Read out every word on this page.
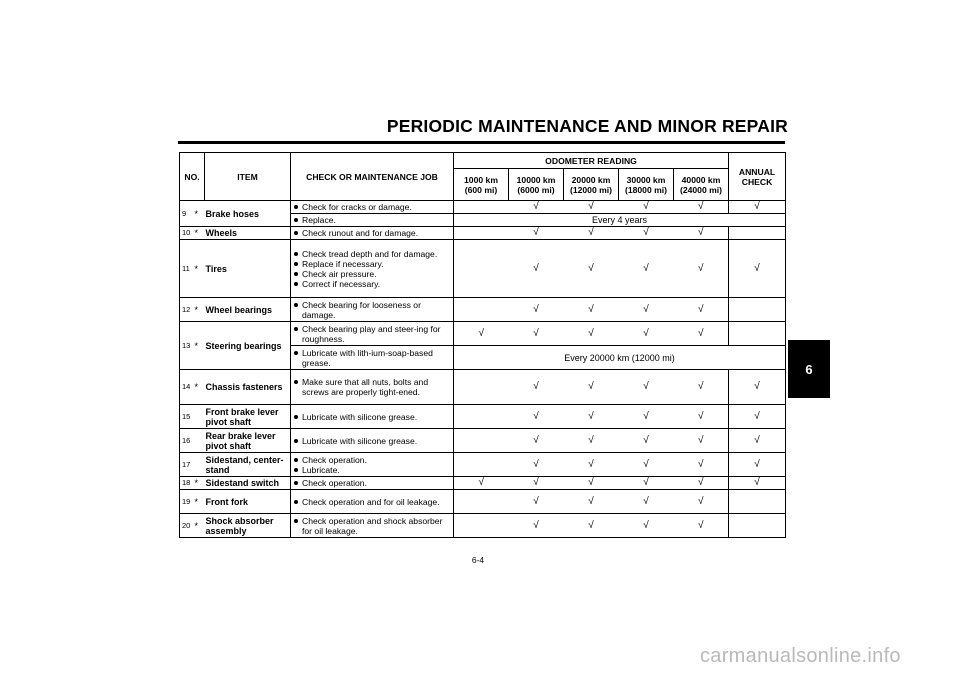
PERIODIC MAINTENANCE AND MINOR REPAIR
6
NO.		ITEM	CHECK OR MAINTENANCE JOB	ODOMETER READING					ANNUAL CHECK
				1000 km
(600 mi)	10000 km
(6000 mi)	20000 km
(12000 mi)	30000 km
(18000 mi)	40000 km
(24000 mi)	
9	*	Brake hoses	Check for cracks or damage.		√	√	√	√	√

			Replace.	Every 4 years					
10	*	Wheels	Check runout and for damage.		√	√	√	√	
11	*	Tires	Check tread depth and for damage.
Replace if necessary.
Check air pressure.
Correct if necessary.		√	√	√	√	√
12	*	Wheel bearings	Check bearing for looseness or damage.		√	√	√	√	
13	*	Steering bearings	Check bearing play and steer-ing for roughness.	√	√	√	√	√	

			Lubricate with lith-ium-soap-based grease.	Every 20000 km (12000 mi)					
14	*	Chassis fasteners	Make sure that all nuts, bolts and screws are properly tight-ened.		√	√	√	√	√
15		Front brake lever pivot shaft	Lubricate with silicone grease.		√	√	√	√	√
16		Rear brake lever pivot shaft	Lubricate with silicone grease.		√	√	√	√	√
17		Sidestand, center-stand	Check operation.
Lubricate.		√	√	√	√	√
18	*	Sidestand switch	Check operation.	√	√	√	√	√	√
19	*	Front fork	Check operation and for oil leakage.		√	√	√	√	
20	*	Shock absorber assembly	Check operation and shock absorber for oil leakage.		√	√	√	√	
6-4
carmanualsonline.info
